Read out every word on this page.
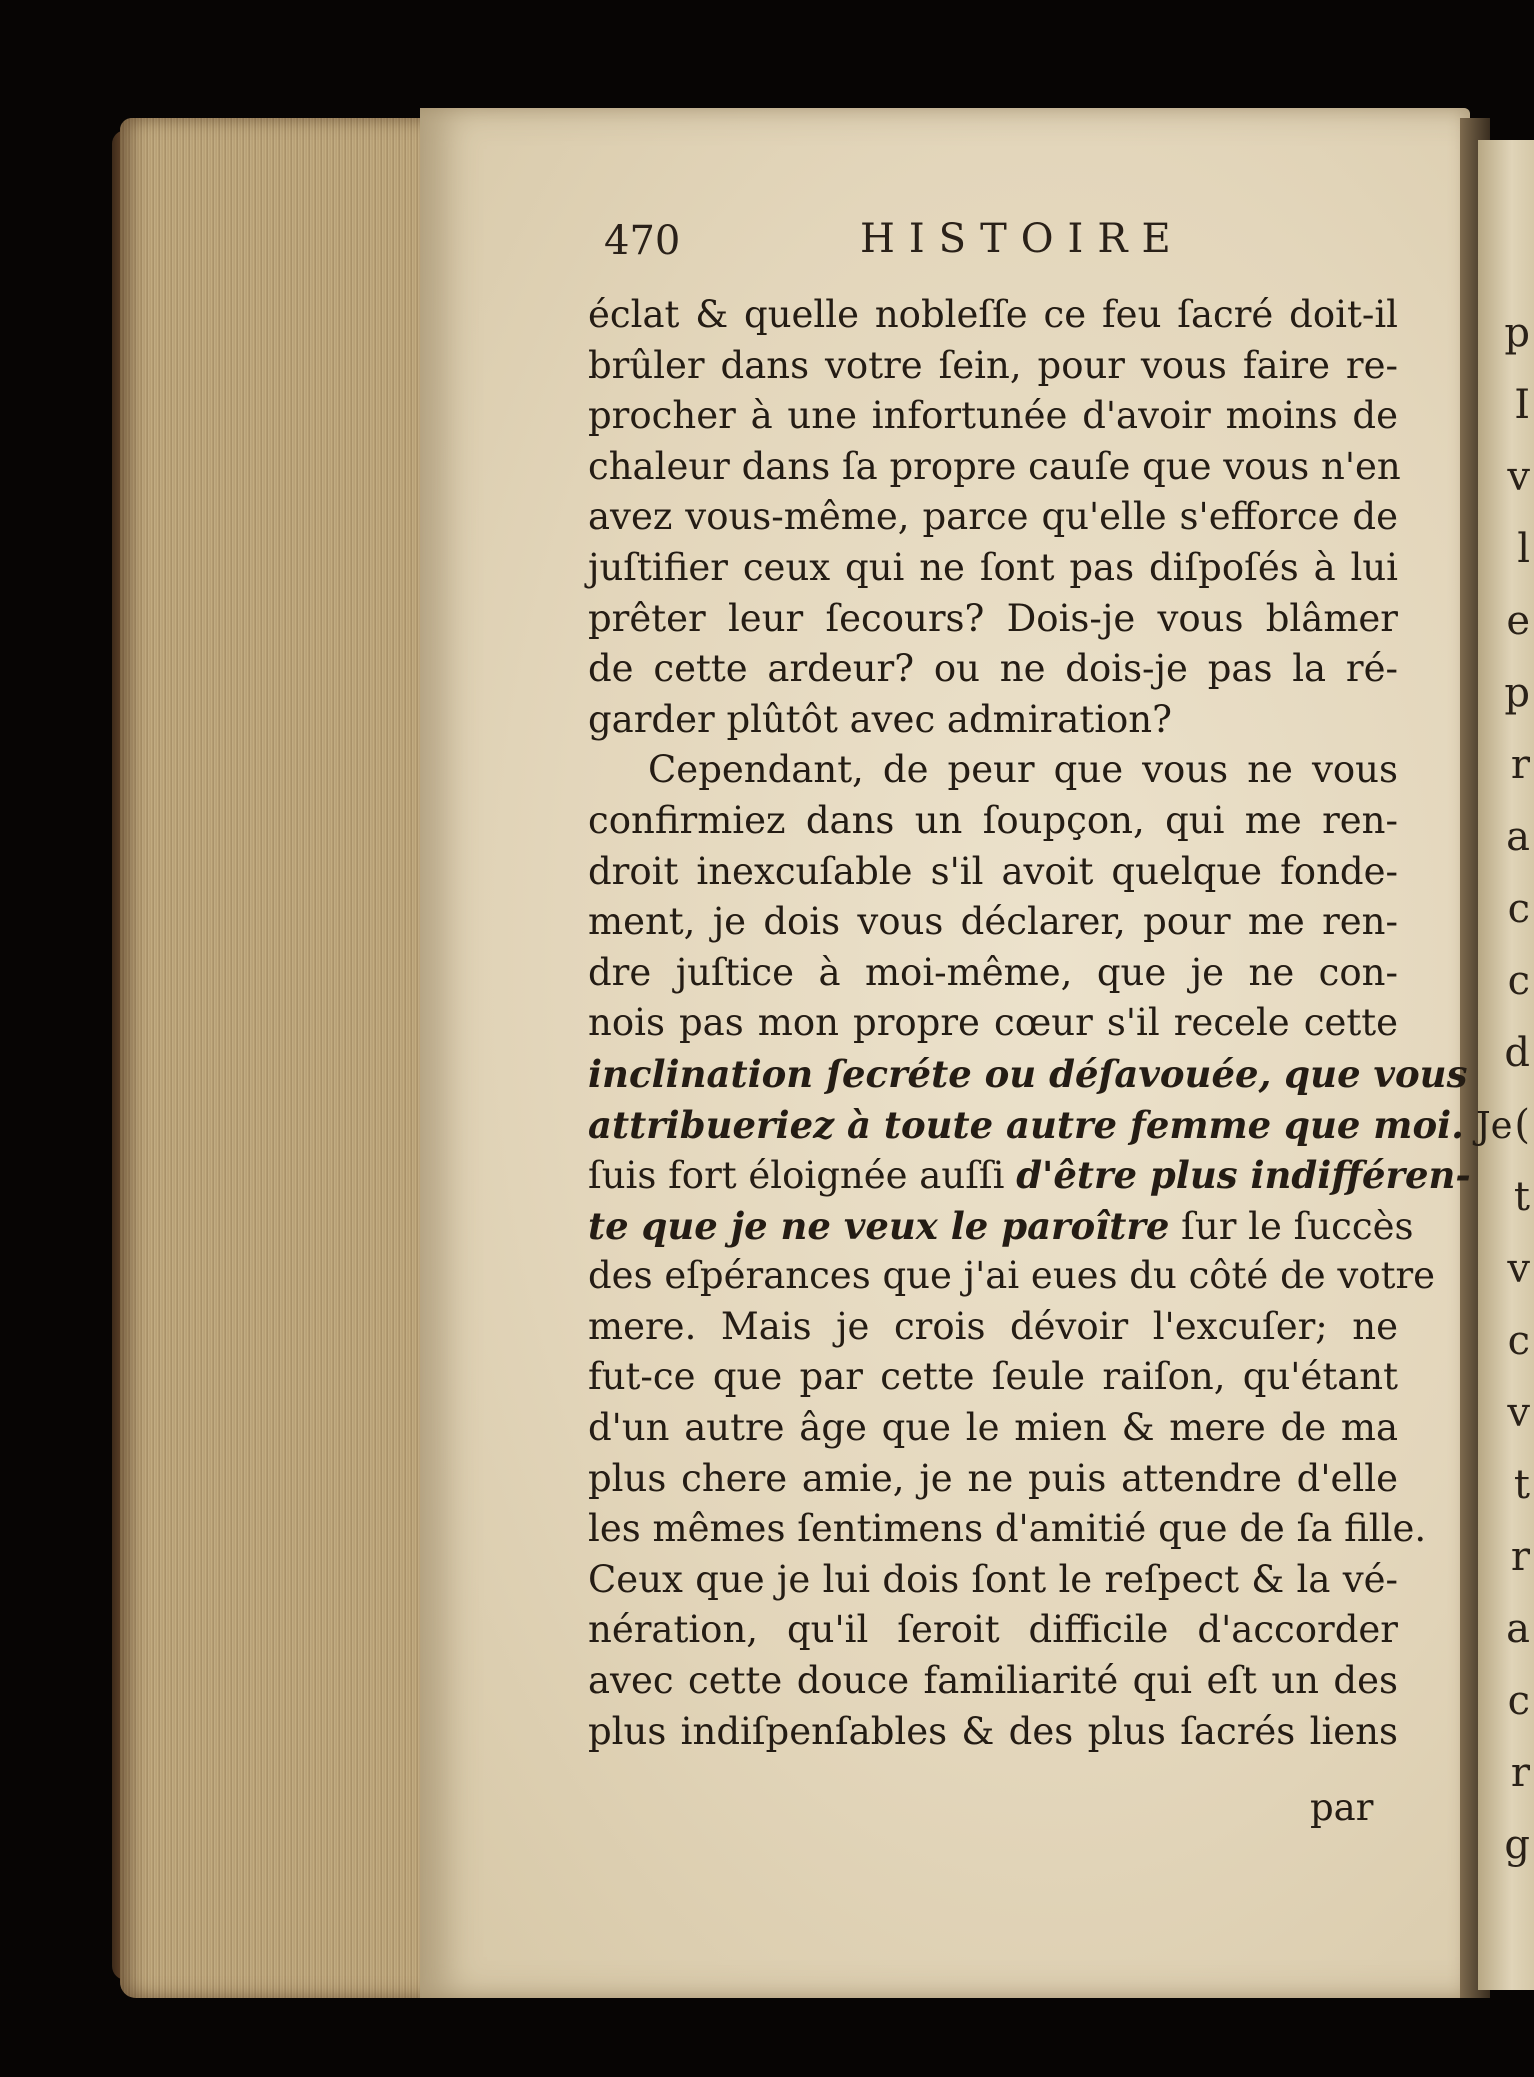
p
I
v
l
e
p
r
a
c
c
d
(
t
v
c
v
t
r
a
c
r
g
470	HISTOIRE
éclat & quelle nobleſſe ce feu ſacré doit-il
brûler dans votre ſein, pour vous faire re-
procher à une infortunée d'avoir moins de
chaleur dans ſa propre cauſe que vous n'en
avez vous-même, parce qu'elle s'efforce de
juſtifier ceux qui ne ſont pas diſpoſés à lui
prêter leur ſecours? Dois-je vous blâmer
de cette ardeur? ou ne dois-je pas la ré-
garder plûtôt avec admiration?
Cependant, de peur que vous ne vous
confirmiez dans un ſoupçon, qui me ren-
droit inexcuſable s'il avoit quelque fonde-
ment, je dois vous déclarer, pour me ren-
dre juſtice à moi-même, que je ne con-
nois pas mon propre cœur s'il recele cette
inclination ſecréte ou déſavouée, que vous
attribueriez à toute autre femme que moi. Je
ſuis fort éloignée auſſi d'être plus indifféren-
te que je ne veux le paroître ſur le ſuccès
des eſpérances que j'ai eues du côté de votre
mere. Mais je crois dévoir l'excuſer; ne
fut-ce que par cette ſeule raiſon, qu'étant
d'un autre âge que le mien & mere de ma
plus chere amie, je ne puis attendre d'elle
les mêmes ſentimens d'amitié que de ſa fille.
Ceux que je lui dois ſont le reſpect & la vé-
nération, qu'il ſeroit difficile d'accorder
avec cette douce familiarité qui eſt un des
plus indiſpenſables & des plus ſacrés liens
par
